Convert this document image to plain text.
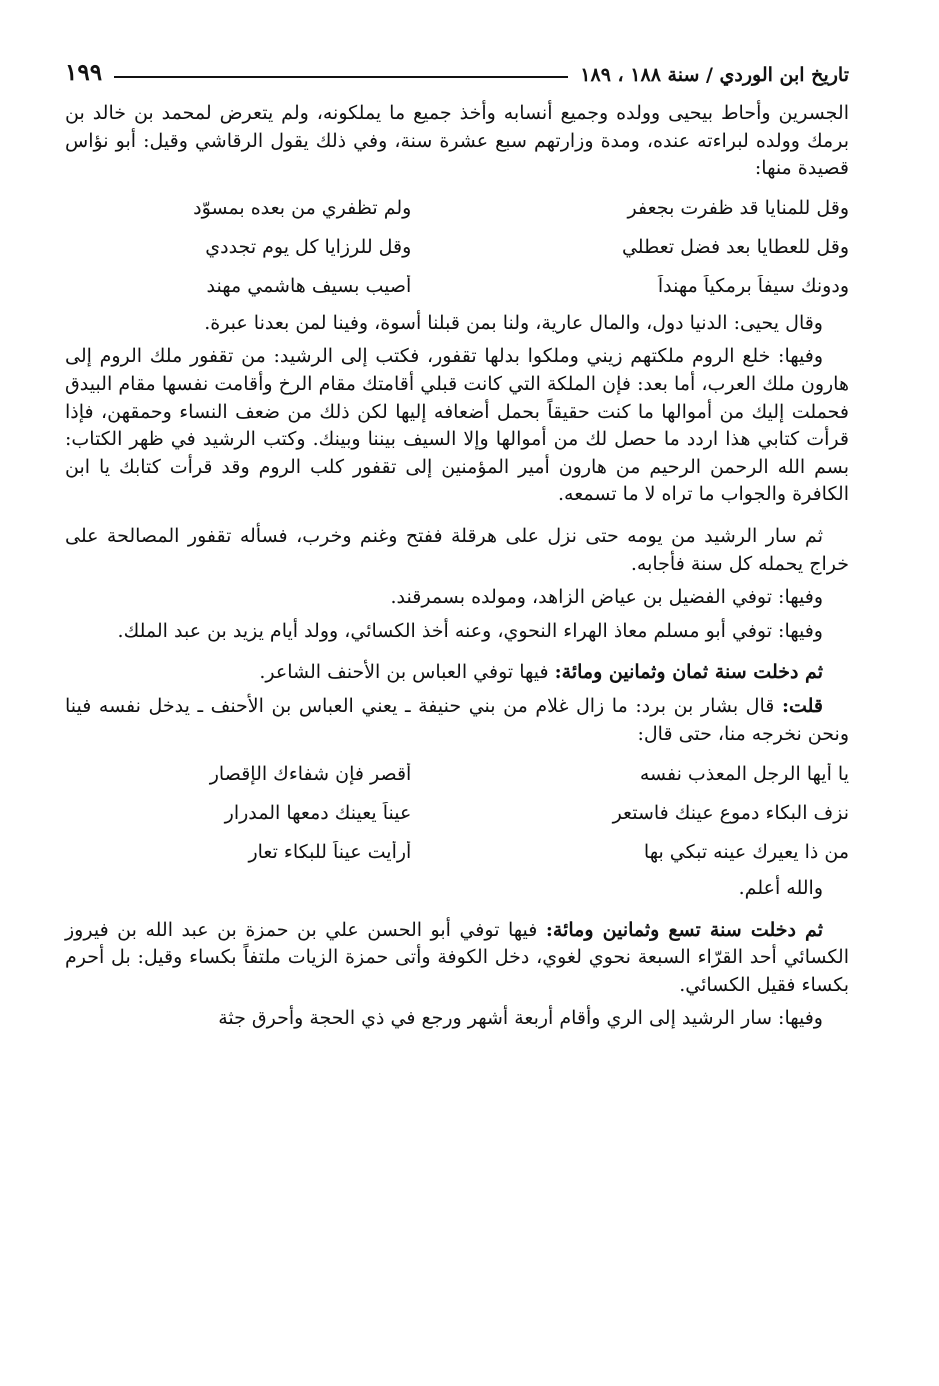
تاريخ ابن الوردي / سنة ١٨٨ ، ١٨٩
١٩٩

الجسرين وأحاط بيحيى وولده وجميع أنسابه وأخذ جميع ما يملكونه، ولم يتعرض لمحمد بن خالد بن برمك وولده لبراءته عنده، ومدة وزارتهم سبع عشرة سنة، وفي ذلك يقول الرقاشي وقيل: أبو نؤاس قصيدة منها:

وقل للمنايا قد ظفرت بجعفر
ولم تظفري من بعده بمسوّد
وقل للعطايا بعد فضل تعطلي
وقل للرزايا كل يوم تجددي
ودونك سيفاً برمكياً مهنداً
أصيب بسيف هاشمي مهند

وقال يحيى: الدنيا دول، والمال عارية، ولنا بمن قبلنا أسوة، وفينا لمن بعدنا عبرة.

وفيها: خلع الروم ملكتهم زيني وملكوا بدلها تقفور، فكتب إلى الرشيد: من تقفور ملك الروم إلى هارون ملك العرب، أما بعد: فإن الملكة التي كانت قبلي أقامتك مقام الرخ وأقامت نفسها مقام البيدق فحملت إليك من أموالها ما كنت حقيقاً بحمل أضعافه إليها لكن ذلك من ضعف النساء وحمقهن، فإذا قرأت كتابي هذا اردد ما حصل لك من أموالها وإلا السيف بيننا وبينك. وكتب الرشيد في ظهر الكتاب: بسم الله الرحمن الرحيم من هارون أمير المؤمنين إلى تقفور كلب الروم وقد قرأت كتابك يا ابن الكافرة والجواب ما تراه لا ما تسمعه.

ثم سار الرشيد من يومه حتى نزل على هرقلة ففتح وغنم وخرب، فسأله تقفور المصالحة على خراج يحمله كل سنة فأجابه.

وفيها: توفي الفضيل بن عياض الزاهد، ومولده بسمرقند.

وفيها: توفي أبو مسلم معاذ الهراء النحوي، وعنه أخذ الكسائي، وولد أيام يزيد بن عبد الملك.

ثم دخلت سنة ثمان وثمانين ومائة: فيها توفي العباس بن الأحنف الشاعر.

قلت: قال بشار بن برد: ما زال غلام من بني حنيفة ـ يعني العباس بن الأحنف ـ يدخل نفسه فينا ونحن نخرجه منا، حتى قال:

يا أيها الرجل المعذب نفسه
أقصر فإن شفاءك الإقصار
نزف البكاء دموع عينك فاستعر
عيناً يعينك دمعها المدرار
من ذا يعيرك عينه تبكي بها
أرأيت عيناً للبكاء تعار

والله أعلم.

ثم دخلت سنة تسع وثمانين ومائة: فيها توفي أبو الحسن علي بن حمزة بن عبد الله بن فيروز الكسائي أحد القرّاء السبعة نحوي لغوي، دخل الكوفة وأتى حمزة الزيات ملتفاً بكساء وقيل: بل أحرم بكساء فقيل الكسائي.

وفيها: سار الرشيد إلى الري وأقام أربعة أشهر ورجع في ذي الحجة وأحرق جثة
